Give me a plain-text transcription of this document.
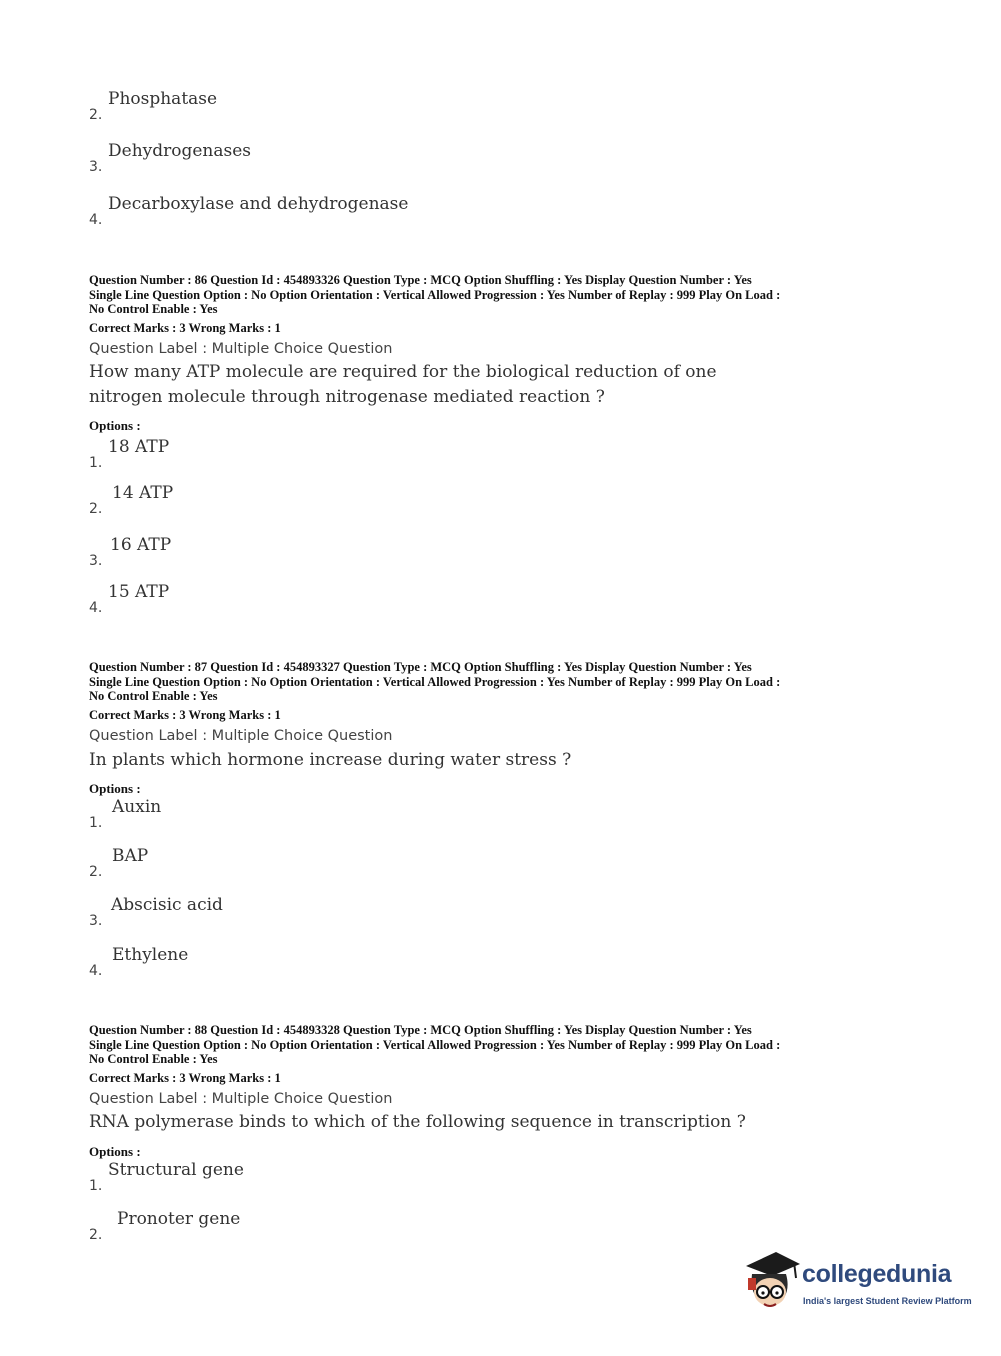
2.
Phosphatase
3.
Dehydrogenases
4.
Decarboxylase and dehydrogenase
Question Number : 86 Question Id : 454893326 Question Type : MCQ Option Shuffling : Yes Display Question Number : Yes
Single Line Question Option : No Option Orientation : Vertical Allowed Progression : Yes Number of Replay : 999 Play On Load :
No Control Enable : Yes
Correct Marks : 3 Wrong Marks : 1
Question Label : Multiple Choice Question
How many ATP molecule are required for the biological reduction of one
nitrogen molecule through nitrogenase mediated reaction ?
Options :
1.
18 ATP
2.
14 ATP
3.
16 ATP
4.
15 ATP
Question Number : 87 Question Id : 454893327 Question Type : MCQ Option Shuffling : Yes Display Question Number : Yes
Single Line Question Option : No Option Orientation : Vertical Allowed Progression : Yes Number of Replay : 999 Play On Load :
No Control Enable : Yes
Correct Marks : 3 Wrong Marks : 1
Question Label : Multiple Choice Question
In plants which hormone increase during water stress ?
Options :
1.
Auxin
2.
BAP
3.
Abscisic acid
4.
Ethylene
Question Number : 88 Question Id : 454893328 Question Type : MCQ Option Shuffling : Yes Display Question Number : Yes
Single Line Question Option : No Option Orientation : Vertical Allowed Progression : Yes Number of Replay : 999 Play On Load :
No Control Enable : Yes
Correct Marks : 3 Wrong Marks : 1
Question Label : Multiple Choice Question
RNA polymerase binds to which of the following sequence in transcription ?
Options :
1.
Structural gene
2.
Pronoter gene
collegedunia
India's largest Student Review Platform
